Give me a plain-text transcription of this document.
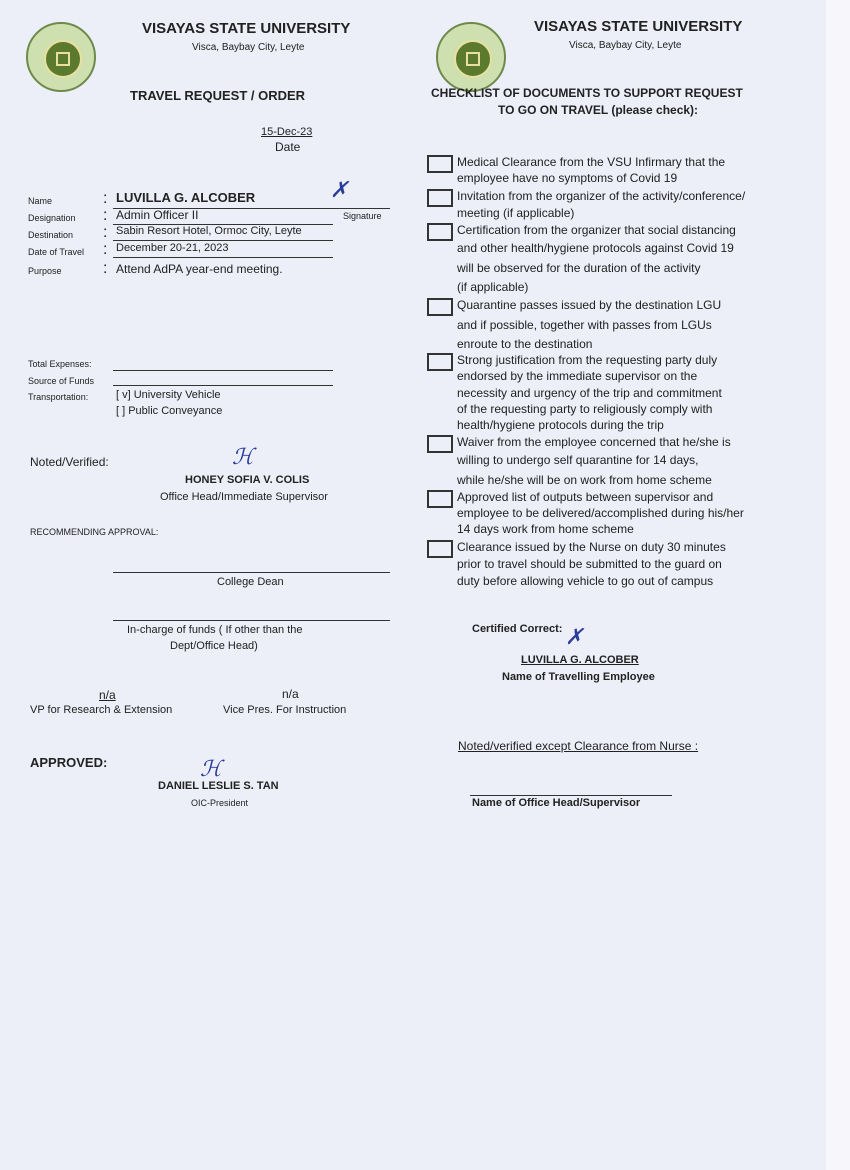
VISAYAS STATE UNIVERSITY
Visca, Baybay City, Leyte
TRAVEL REQUEST / ORDER
15-Dec-23
Date
Name	: LUVILLA G. ALCOBER	✗
Signature
Designation : Admin Officer II
Destination : Sabin Resort Hotel, Ormoc City, Leyte
Date of Travel : December 20-21, 2023
Purpose	: Attend AdPA year-end meeting.
Total Expenses:
Source of Funds
Transportation:	[ v] University Vehicle
[ ] Public Conveyance
Noted/Verified:	ℋ
HONEY SOFIA V. COLIS
Office Head/Immediate Supervisor
RECOMMENDING APPROVAL:
College Dean
In-charge of funds ( If other than the
Dept/Office Head)
n/a
VP for Research & Extension
n/a
Vice Pres. For Instruction
APPROVED:	ℋ
DANIEL LESLIE S. TAN
OIC-President
VISAYAS STATE UNIVERSITY
Visca, Baybay City, Leyte
CHECKLIST OF DOCUMENTS TO SUPPORT REQUEST
TO GO ON TRAVEL (please check):
Medical Clearance from the VSU Infirmary that the
employee have no symptoms of Covid 19
Invitation from the organizer of the activity/conference/
meeting (if applicable)
Certification from the organizer that social distancing
and other health/hygiene protocols against Covid 19
will be observed for the duration of the activity
(if applicable)
Quarantine passes issued by the destination LGU
and if possible, together with passes from LGUs
enroute to the destination
Strong justification from the requesting party duly
endorsed by the immediate supervisor on the
necessity and urgency of the trip and commitment
of the requesting party to religiously comply with
health/hygiene protocols during the trip
Waiver from the employee concerned that he/she is
willing to undergo self quarantine for 14 days,
while he/she will be on work from home scheme
Approved list of outputs between supervisor and
employee to be delivered/accomplished during his/her
14 days work from home scheme
Clearance issued by the Nurse on duty 30 minutes
prior to travel should be submitted to the guard on
duty before allowing vehicle to go out of campus
Certified Correct: ✗
LUVILLA G. ALCOBER
Name of Travelling Employee
Noted/verified except Clearance from Nurse :
Name of Office Head/Supervisor
